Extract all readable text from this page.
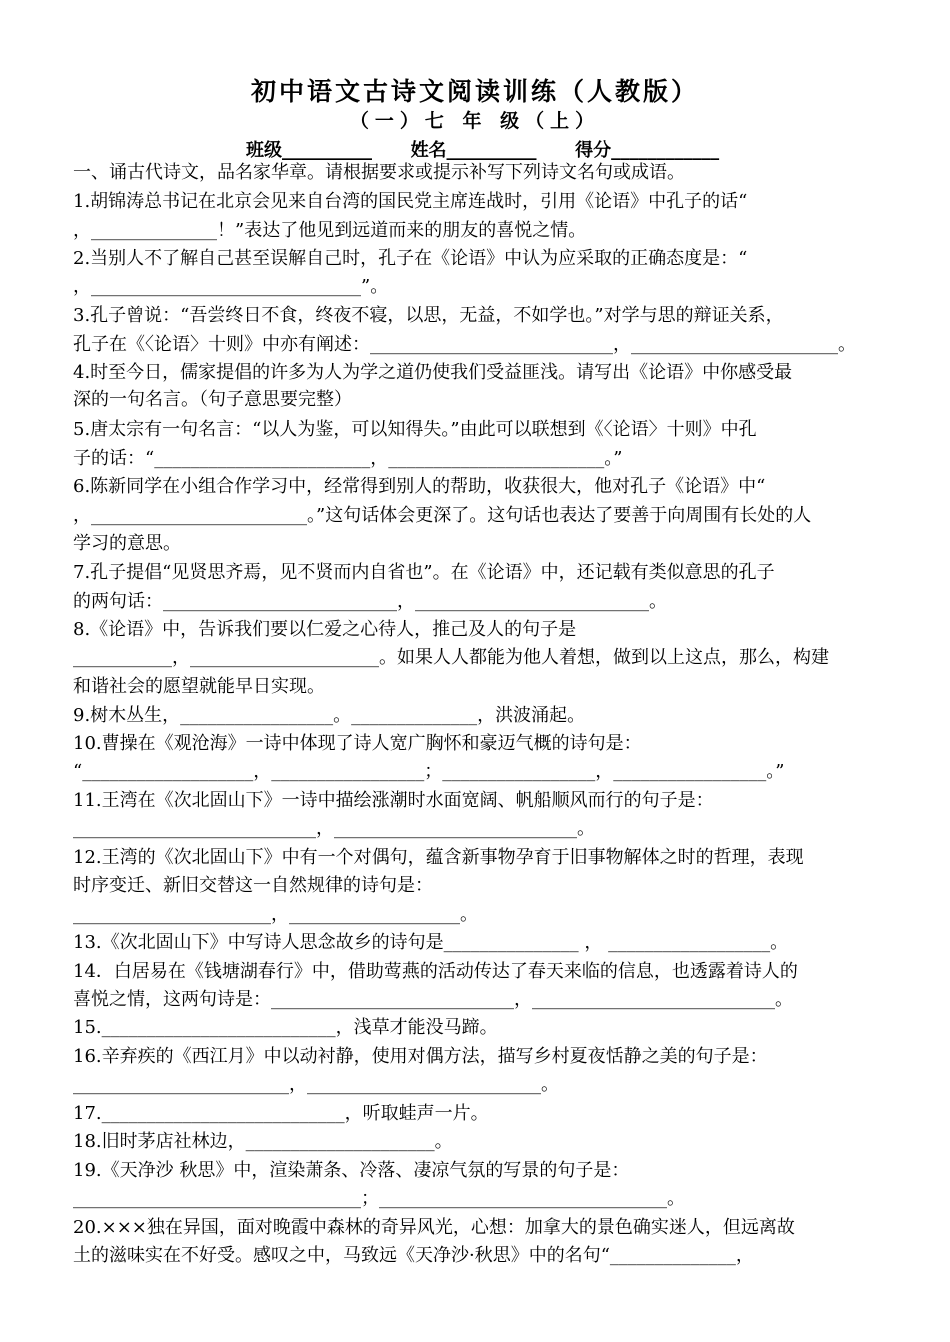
初中语文古诗文阅读训练（人教版）
（一）七 年 级（上）
班级__________ 姓名__________ 得分____________
一、诵古代诗文，品名家华章。请根据要求或提示补写下列诗文名句或成语。
1.胡锦涛总书记在北京会见来自台湾的国民党主席连战时，引用《论语》中孔子的话“
，______________！”表达了他见到远道而来的朋友的喜悦之情。
2.当别人不了解自己甚至误解自己时，孔子在《论语》中认为应采取的正确态度是：“
，______________________________”。
3.孔子曾说：“吾尝终日不食，终夜不寝，以思，无益，不如学也。”对学与思的辩证关系，
孔子在《〈论语〉十则》中亦有阐述：___________________________，_______________________。
4.时至今日，儒家提倡的许多为人为学之道仍使我们受益匪浅。请写出《论语》中你感受最
深的一句名言。（句子意思要完整）
5.唐太宗有一句名言：“以人为鉴，可以知得失。”由此可以联想到《〈论语〉十则》中孔
子的话：“________________________，________________________。”
6.陈新同学在小组合作学习中，经常得到别人的帮助，收获很大，他对孔子《论语》中“
，________________________。”这句话体会更深了。这句话也表达了要善于向周围有长处的人
学习的意思。
7.孔子提倡“见贤思齐焉，见不贤而内自省也”。在《论语》中，还记载有类似意思的孔子
的两句话：__________________________，__________________________。
8.《论语》中，告诉我们要以仁爱之心待人，推己及人的句子是
___________，_____________________。如果人人都能为他人着想，做到以上这点，那么，构建
和谐社会的愿望就能早日实现。
9.树木丛生，_________________。______________，洪波涌起。
10.曹操在《观沧海》一诗中体现了诗人宽广胸怀和豪迈气概的诗句是：
“___________________，_________________；_________________，_________________。”
11.王湾在《次北固山下》一诗中描绘涨潮时水面宽阔、帆船顺风而行的句子是：
___________________________，___________________________。
12.王湾的《次北固山下》中有一个对偶句，蕴含新事物孕育于旧事物解体之时的哲理，表现
时序变迁、新旧交替这一自然规律的诗句是：
______________________，___________________。
13.《次北固山下》中写诗人思念故乡的诗句是_______________ ， __________________。
14．白居易在《钱塘湖春行》中，借助莺燕的活动传达了春天来临的信息，也透露着诗人的
喜悦之情，这两句诗是：___________________________，___________________________。
15.__________________________，浅草才能没马蹄。
16.辛弃疾的《西江月》中以动衬静，使用对偶方法，描写乡村夏夜恬静之美的句子是：
________________________，__________________________。
17.___________________________，听取蛙声一片。
18.旧时茅店社林边，_____________________。
19.《天净沙 秋思》中，渲染萧条、冷落、凄凉气氛的写景的句子是：
________________________________；________________________________。
20.×××独在异国，面对晚霞中森林的奇异风光，心想：加拿大的景色确实迷人，但远离故
土的滋味实在不好受。感叹之中，马致远《天净沙·秋思》中的名句“______________，
